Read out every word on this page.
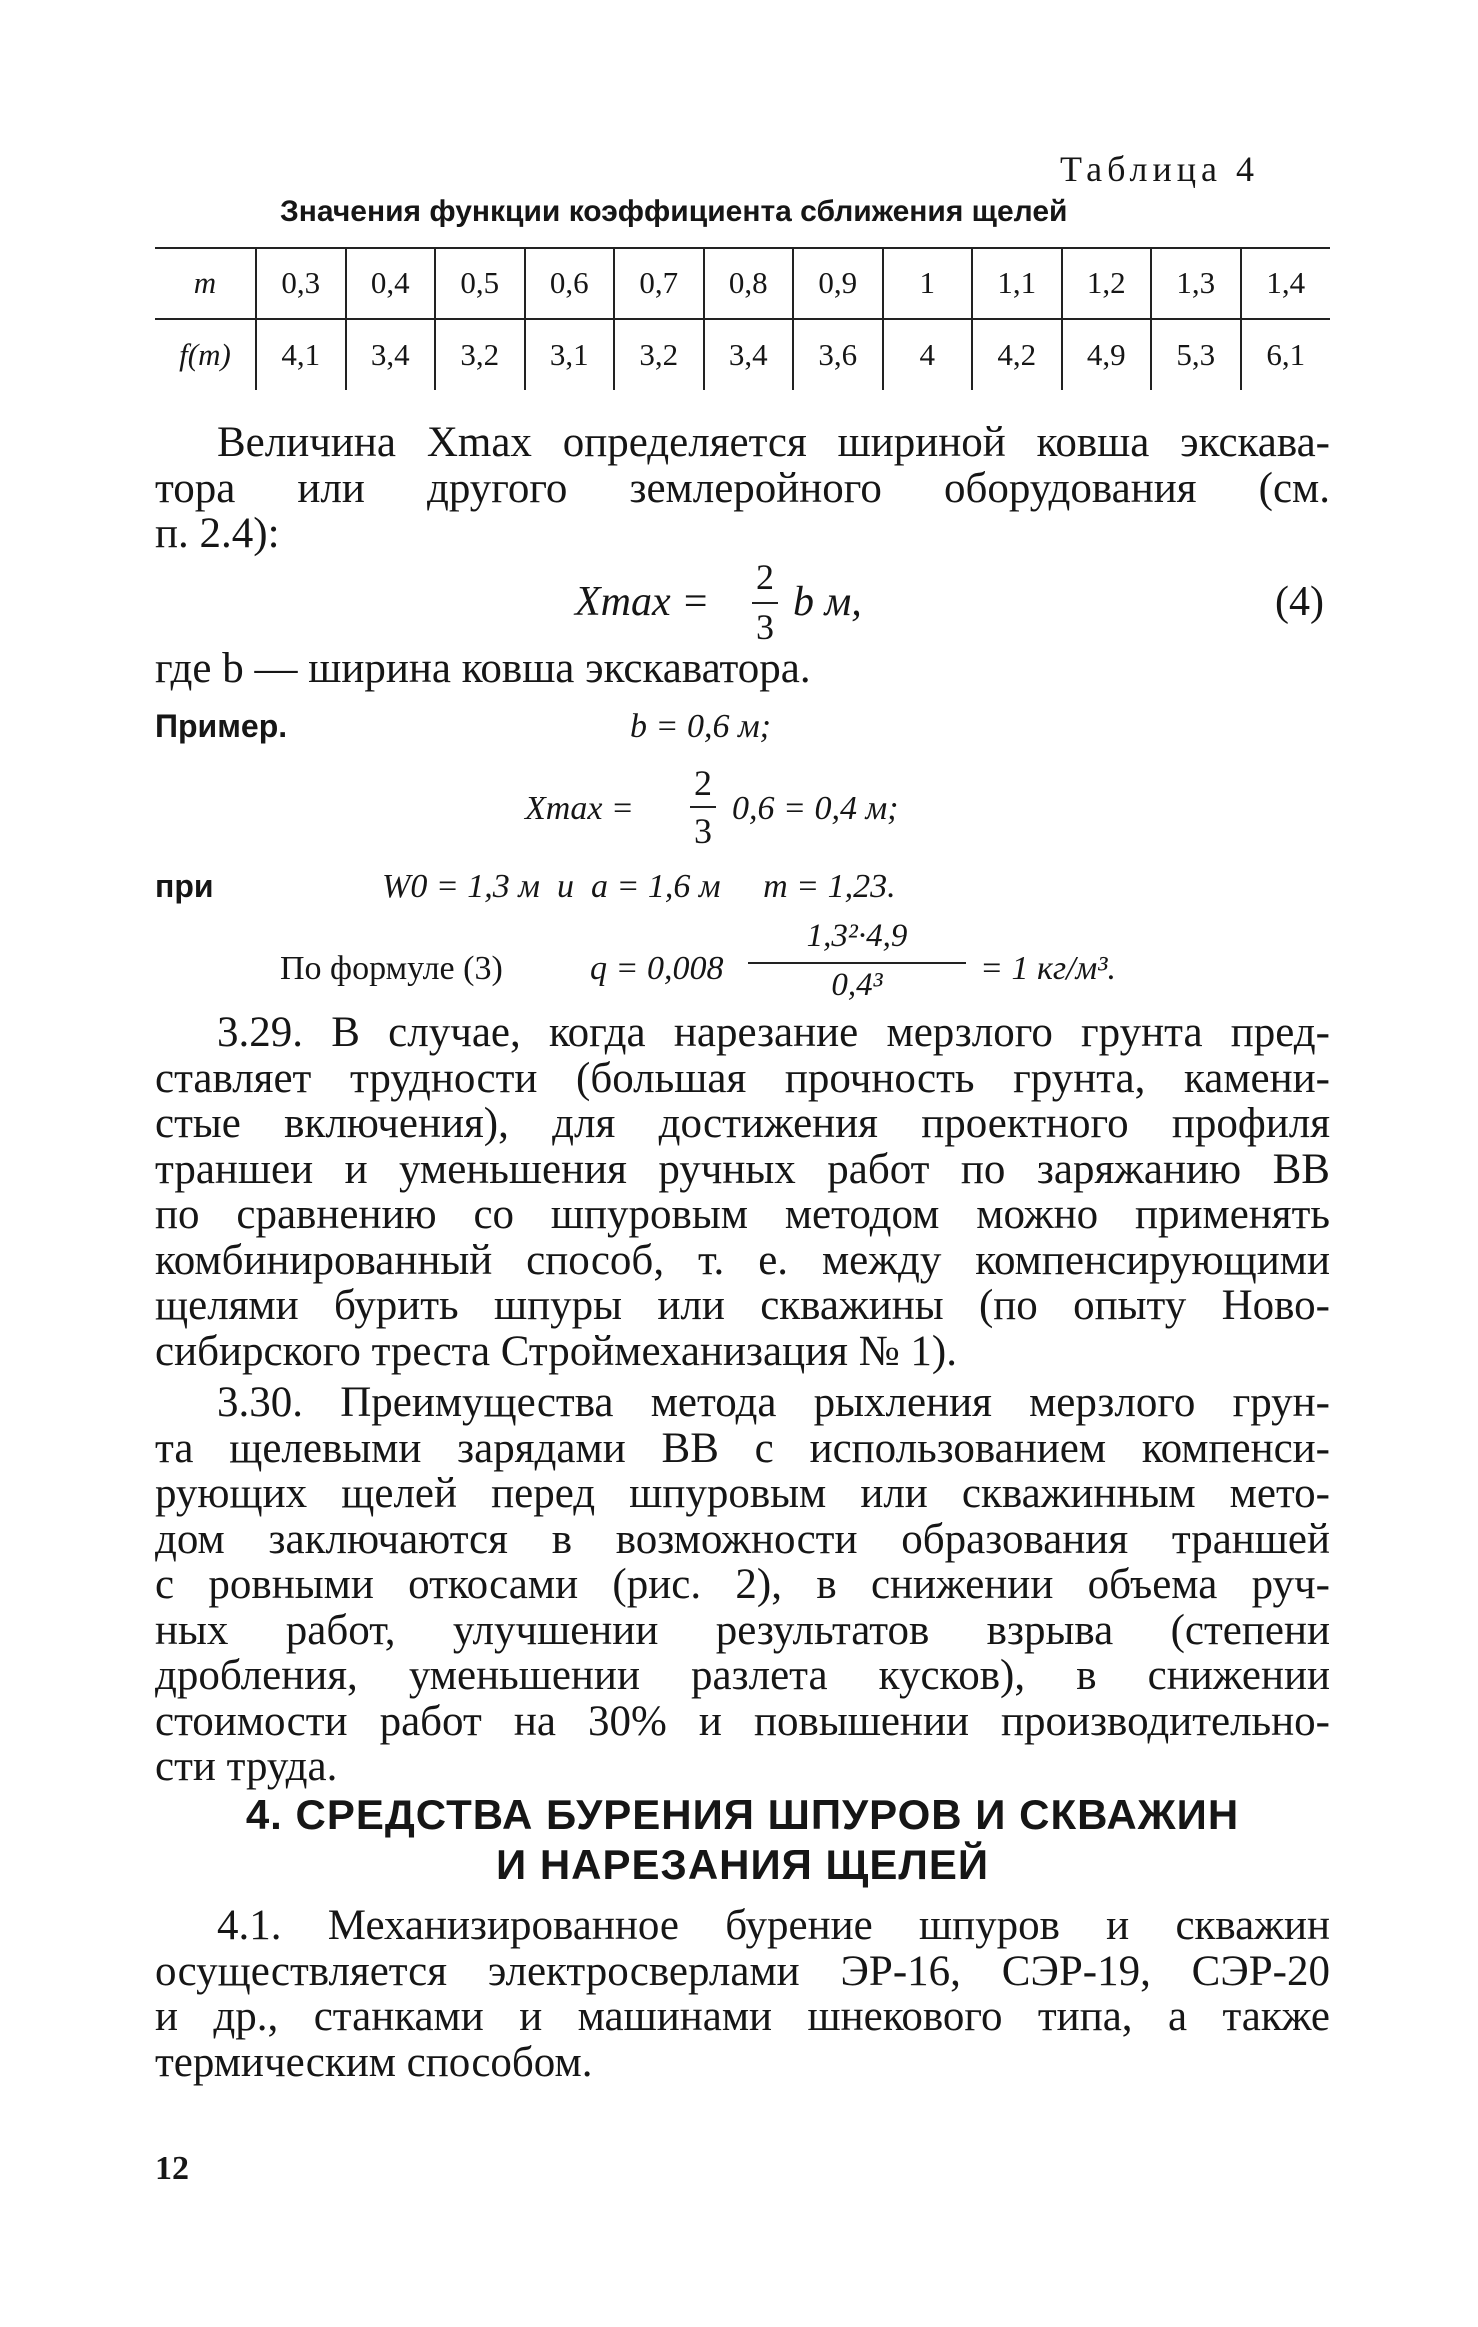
Таблица 4
Значения функции коэффициента сближения щелей
m	0,3	0,4	0,5	0,6	0,7	0,8	0,9	1	1,1	1,2	1,3	1,4
f(m)	4,1	3,4	3,2	3,1	3,2	3,4	3,6	4	4,2	4,9	5,3	6,1
Величина Xmax определяется шириной ковша экскава-
тора или другого землеройного оборудования (см.
п. 2.4):
Xmax =
2
3
b м,	(4)
где b — ширина ковша экскаватора.
Пример.	b = 0,6 м;
Xmax =
2
3
0,6 = 0,4 м;
при	W0 = 1,3 м  и  a = 1,6 м     m = 1,23.
По формуле (3)	q = 0,008
1,3²·4,9
0,4³	= 1 кг/м³.
3.29. В случае, когда нарезание мерзлого грунта пред-
ставляет трудности (большая прочность грунта, камени-
стые включения), для достижения проектного профиля
траншеи и уменьшения ручных работ по заряжанию ВВ
по сравнению со шпуровым методом можно применять
комбинированный способ, т. е. между компенсирующими
щелями бурить шпуры или скважины (по опыту Ново-
сибирского треста Строймеханизация № 1).
3.30. Преимущества метода рыхления мерзлого грун-
та щелевыми зарядами ВВ с использованием компенси-
рующих щелей перед шпуровым или скважинным мето-
дом заключаются в возможности образования траншей
с ровными откосами (рис. 2), в снижении объема руч-
ных работ, улучшении результатов взрыва (степени
дробления, уменьшении разлета кусков), в снижении
стоимости работ на 30% и повышении производительно-
сти труда.
4. СРЕДСТВА БУРЕНИЯ ШПУРОВ И СКВАЖИН
И НАРЕЗАНИЯ ЩЕЛЕЙ
4.1. Механизированное бурение шпуров и скважин
осуществляется электросверлами ЭР-16, СЭР-19, СЭР-20
и др., станками и машинами шнекового типа, а также
термическим способом.
12
